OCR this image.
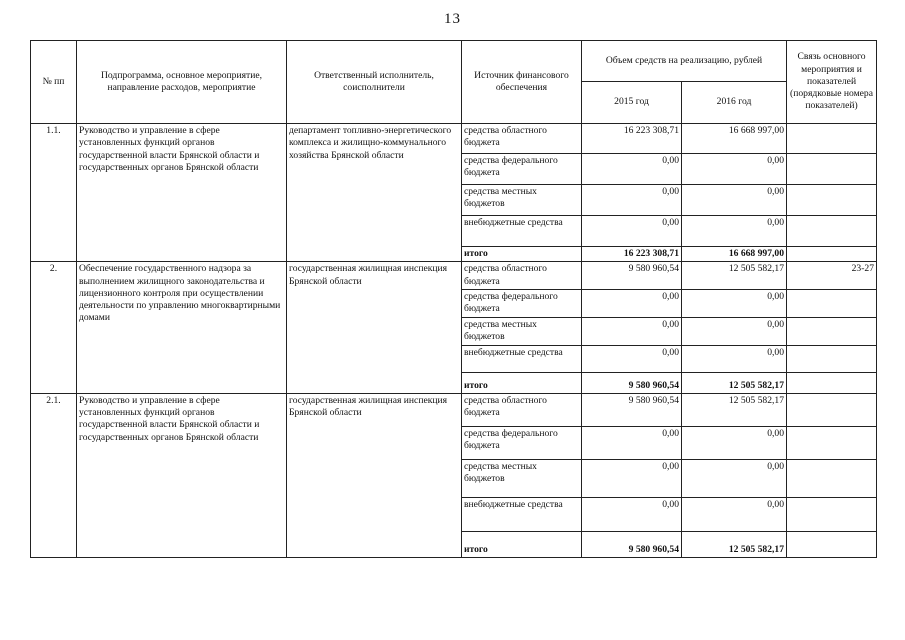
13
№ пп	Подпрограмма, основное мероприятие, направление расходов, мероприятие	Ответственный исполнитель, соисполнители	Источник финансового обеспечения	Объем средств на реализацию, рублей		Связь основного мероприятия и показателей (порядковые номера показателей)
				2015 год	2016 год	
1.1.	Руководство и управление в сфере установленных функций органов государственной власти Брянской области и государственных органов Брянской области	департамент топливно-энергетического комплекса и жилищно-коммунального хозяйства Брянской области	средства областного бюджета	16 223 308,71	16 668 997,00	
			средства федерального бюджета	0,00	0,00	
			средства местных бюджетов	0,00	0,00	
			внебюджетные средства	0,00	0,00	
			итого	16 223 308,71	16 668 997,00	
2.	Обеспечение государственного надзора за выполнением жилищного законодательства и лицензионного контроля при осуществлении деятельности по управлению многоквартирными домами	государственная жилищная инспекция Брянской области	средства областного бюджета	9 580 960,54	12 505 582,17	23-27
			средства федерального бюджета	0,00	0,00	
			средства местных бюджетов	0,00	0,00	
			внебюджетные средства	0,00	0,00	
			итого	9 580 960,54	12 505 582,17	
2.1.	Руководство и управление в сфере установленных функций органов государственной власти Брянской области и государственных органов Брянской области	государственная жилищная инспекция Брянской области	средства областного бюджета	9 580 960,54	12 505 582,17	
			средства федерального бюджета	0,00	0,00	
			средства местных бюджетов	0,00	0,00	
			внебюджетные средства	0,00	0,00	
			итого	9 580 960,54	12 505 582,17	
